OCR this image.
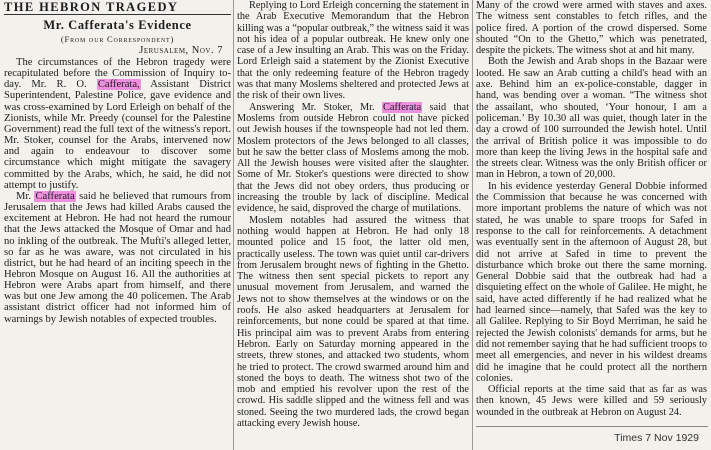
THE HEBRON TRAGEDY
Mr. Cafferata's Evidence
(From our Correspondent)
Jerusalem, Nov. 7

The circumstances of the Hebron tragedy were recapitulated before the Commission of Inquiry to-day. Mr. R. O. Cafferata, Assistant District Superintendent, Palestine Police, gave evidence and was cross-examined by Lord Erleigh on behalf of the Zionists, while Mr. Preedy (counsel for the Palestine Government) read the full text of the witness's report. Mr. Stoker, counsel for the Arabs, intervened now and again to endeavour to discover some circumstance which might mitigate the savagery committed by the Arabs, which, he said, he did not attempt to justify.

Mr. Cafferata said he believed that rumours from Jerusalem that the Jews had killed Arabs caused the excitement at Hebron. He had not heard the rumour that the Jews attacked the Mosque of Omar and had no inkling of the outbreak. The Mufti's alleged letter, so far as he was aware, was not circulated in his district, but he had heard of an inciting speech in the Hebron Mosque on August 16. All the authorities at Hebron were Arabs apart from himself, and there was but one Jew among the 40 policemen. The Arab assistant district officer had not informed him of warnings by Jewish notables of expected troubles.

Replying to Lord Erleigh concerning the statement in the Arab Executive Memorandum that the Hebron killing was a “popular outbreak,” the witness said it was not his idea of a popular outbreak. He knew only one case of a Jew insulting an Arab. This was on the Friday. Lord Erleigh said a statement by the Zionist Executive that the only redeeming feature of the Hebron tragedy was that many Moslems sheltered and protected Jews at the risk of their own lives.

Answering Mr. Stoker, Mr. Cafferata said that Moslems from outside Hebron could not have picked out Jewish houses if the townspeople had not led them. Moslem protectors of the Jews belonged to all classes, but he saw the better class of Moslems among the mob. All the Jewish houses were visited after the slaughter. Some of Mr. Stoker's questions were directed to show that the Jews did not obey orders, thus producing or increasing the trouble by lack of discipline. Medical evidence, he said, disproved the charge of mutilations.

Moslem notables had assured the witness that nothing would happen at Hebron. He had only 18 mounted police and 15 foot, the latter old men, practically useless. The town was quiet until car-drivers from Jerusalem brought news of fighting in the Ghetto. The witness then sent special pickets to report any unusual movement from Jerusalem, and warned the Jews not to show themselves at the windows or on the roofs. He also asked headquarters at Jerusalem for reinforcements, but none could be spared at that time. His principal aim was to prevent Arabs from entering Hebron. Early on Saturday morning appeared in the streets, threw stones, and attacked two students, whom he tried to protect. The crowd swarmed around him and stoned the boys to death. The witness shot two of the mob and emptied his revolver upon the rest of the crowd. His saddle slipped and the witness fell and was stoned. Seeing the two murdered lads, the crowd began attacking every Jewish house.

Many of the crowd were armed with staves and axes. The witness sent constables to fetch rifles, and the police fired. A portion of the crowd dispersed. Some shouted “On to the Ghetto,” which was penetrated, despite the pickets. The witness shot at and hit many.

Both the Jewish and Arab shops in the Bazaar were looted. He saw an Arab cutting a child's head with an axe. Behind him an ex-police-constable, dagger in hand, was bending over a woman. “The witness shot the assailant, who shouted, ‘Your honour, I am a policeman.’ By 10.30 all was quiet, though later in the day a crowd of 100 surrounded the Jewish hotel. Until the arrival of British police it was impossible to do more than keep the living Jews in the hospital safe and the streets clear. Witness was the only British officer or man in Hebron, a town of 20,000.

In his evidence yesterday General Dobbie informed the Commission that because he was concerned with more important problems the nature of which was not stated, he was unable to spare troops for Safed in response to the call for reinforcements. A detachment was eventually sent in the afternoon of August 28, but did not arrive at Safed in time to prevent the disturbance which broke out there the same morning. General Dobbie said that the outbreak had had a disquieting effect on the whole of Galilee. He might, he said, have acted differently if he had realized what he had learned since—namely, that Safed was the key to all Galilee. Replying to Sir Boyd Merriman, he said he rejected the Jewish colonists' demands for arms, but he did not remember saying that he had sufficient troops to meet all emergencies, and never in his wildest dreams did he imagine that he could protect all the northern colonies.

Official reports at the time said that as far as was then known, 45 Jews were killed and 59 seriously wounded in the outbreak at Hebron on August 24.

Times 7 Nov 1929
